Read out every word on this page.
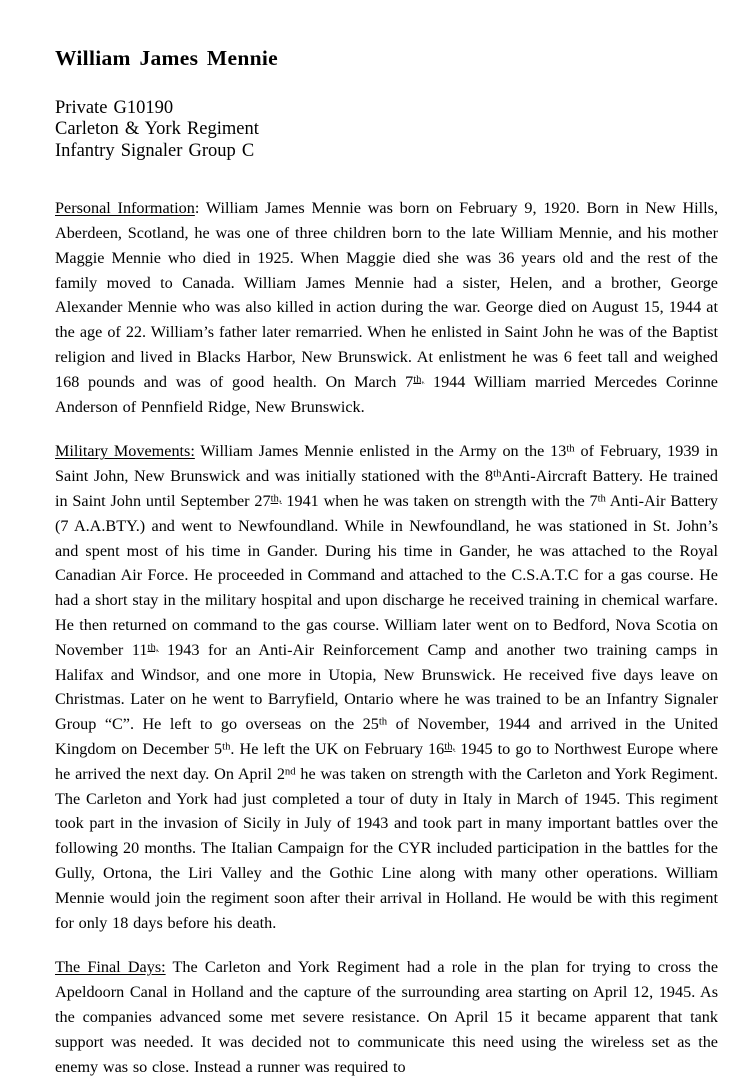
William James Mennie
Private G10190
Carleton & York Regiment
Infantry Signaler Group C

Personal Information: William James Mennie was born on February 9, 1920. Born in New Hills, Aberdeen, Scotland, he was one of three children born to the late William Mennie, and his mother Maggie Mennie who died in 1925. When Maggie died she was 36 years old and the rest of the family moved to Canada. William James Mennie had a sister, Helen, and a brother, George Alexander Mennie who was also killed in action during the war. George died on August 15, 1944 at the age of 22. William’s father later remarried. When he enlisted in Saint John he was of the Baptist religion and lived in Blacks Harbor, New Brunswick. At enlistment he was 6 feet tall and weighed 168 pounds and was of good health. On March $7^{th,}$ 1944 William married Mercedes Corinne Anderson of Pennfield Ridge, New Brunswick.

Military Movements: William James Mennie enlisted in the Army on the 13th of February, 1939 in Saint John, New Brunswick and was initially stationed with the 8thAnti-Aircraft Battery. He trained in Saint John until September $27^{th,}$ 1941 when he was taken on strength with the 7th Anti-Air Battery (7 A.A.BTY.) and went to Newfoundland. While in Newfoundland, he was stationed in St. John’s and spent most of his time in Gander. During his time in Gander, he was attached to the Royal Canadian Air Force. He proceeded in Command and attached to the C.S.A.T.C for a gas course. He had a short stay in the military hospital and upon discharge he received training in chemical warfare. He then returned on command to the gas course. William later went on to Bedford, Nova Scotia on November $11^{th,}$ 1943 for an Anti-Air Reinforcement Camp and another two training camps in Halifax and Windsor, and one more in Utopia, New Brunswick. He received five days leave on Christmas. Later on he went to Barryfield, Ontario where he was trained to be an Infantry Signaler Group “C”. He left to go overseas on the 25th of November, 1944 and arrived in the United Kingdom on December 5th. He left the UK on February $16^{th,}$ 1945 to go to Northwest Europe where he arrived the next day. On April 2nd he was taken on strength with the Carleton and York Regiment. The Carleton and York had just completed a tour of duty in Italy in March of 1945. This regiment took part in the invasion of Sicily in July of 1943 and took part in many important battles over the following 20 months. The Italian Campaign for the CYR included participation in the battles for the Gully, Ortona, the Liri Valley and the Gothic Line along with many other operations. William Mennie would join the regiment soon after their arrival in Holland. He would be with this regiment for only 18 days before his death.

The Final Days: The Carleton and York Regiment had a role in the plan for trying to cross the Apeldoorn Canal in Holland and the capture of the surrounding area starting on April 12, 1945. As the companies advanced some met severe resistance. On April 15 it became apparent that tank support was needed. It was decided not to communicate this need using the wireless set as the enemy was so close. Instead a runner was required to
